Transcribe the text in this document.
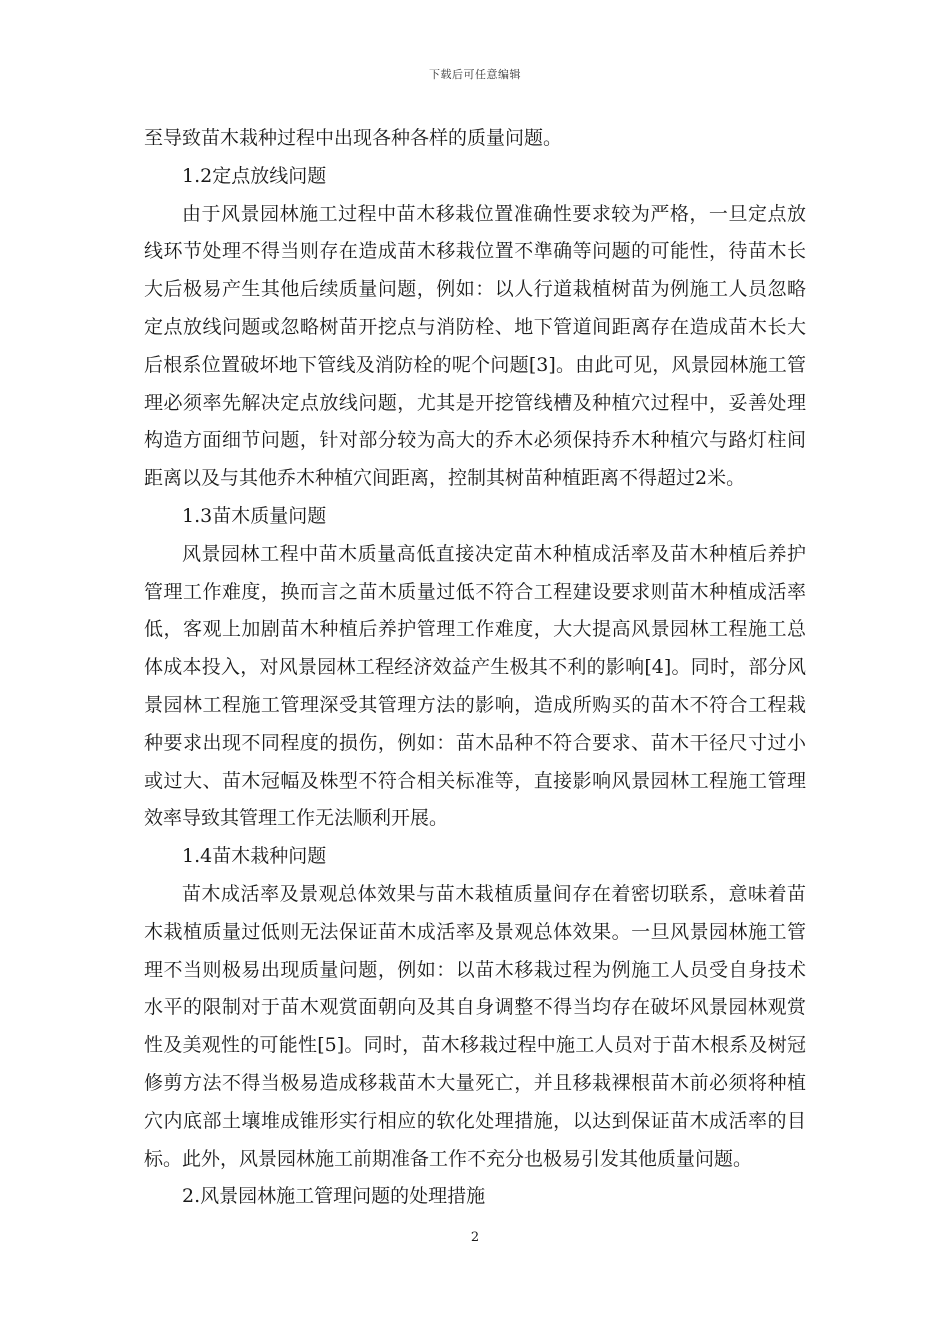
下载后可任意编辑
至导致苗木栽种过程中出现各种各样的质量问题。
1.2定点放线问题
由于风景园林施工过程中苗木移栽位置准确性要求较为严格，一旦定点放
线环节处理不得当则存在造成苗木移栽位置不準确等问题的可能性，待苗木长
大后极易产生其他后续质量问题，例如：以人行道栽植树苗为例施工人员忽略
定点放线问题或忽略树苗开挖点与消防栓、地下管道间距离存在造成苗木长大
后根系位置破坏地下管线及消防栓的呢个问题[3]。由此可见，风景园林施工管
理必须率先解决定点放线问题，尤其是开挖管线槽及种植穴过程中，妥善处理
构造方面细节问题，针对部分较为高大的乔木必须保持乔木种植穴与路灯柱间
距离以及与其他乔木种植穴间距离，控制其树苗种植距离不得超过2米。
1.3苗木质量问题
风景园林工程中苗木质量高低直接决定苗木种植成活率及苗木种植后养护
管理工作难度，换而言之苗木质量过低不符合工程建设要求则苗木种植成活率
低，客观上加剧苗木种植后养护管理工作难度，大大提高风景园林工程施工总
体成本投入，对风景园林工程经济效益产生极其不利的影响[4]。同时，部分风
景园林工程施工管理深受其管理方法的影响，造成所购买的苗木不符合工程栽
种要求出现不同程度的损伤，例如：苗木品种不符合要求、苗木干径尺寸过小
或过大、苗木冠幅及株型不符合相关标准等，直接影响风景园林工程施工管理
效率导致其管理工作无法顺利开展。
1.4苗木栽种问题
苗木成活率及景观总体效果与苗木栽植质量间存在着密切联系，意味着苗
木栽植质量过低则无法保证苗木成活率及景观总体效果。一旦风景园林施工管
理不当则极易出现质量问题，例如：以苗木移栽过程为例施工人员受自身技术
水平的限制对于苗木观赏面朝向及其自身调整不得当均存在破坏风景园林观赏
性及美观性的可能性[5]。同时，苗木移栽过程中施工人员对于苗木根系及树冠
修剪方法不得当极易造成移栽苗木大量死亡，并且移栽裸根苗木前必须将种植
穴内底部土壤堆成锥形实行相应的软化处理措施，以达到保证苗木成活率的目
标。此外，风景园林施工前期准备工作不充分也极易引发其他质量问题。
2.风景园林施工管理问题的处理措施
2
